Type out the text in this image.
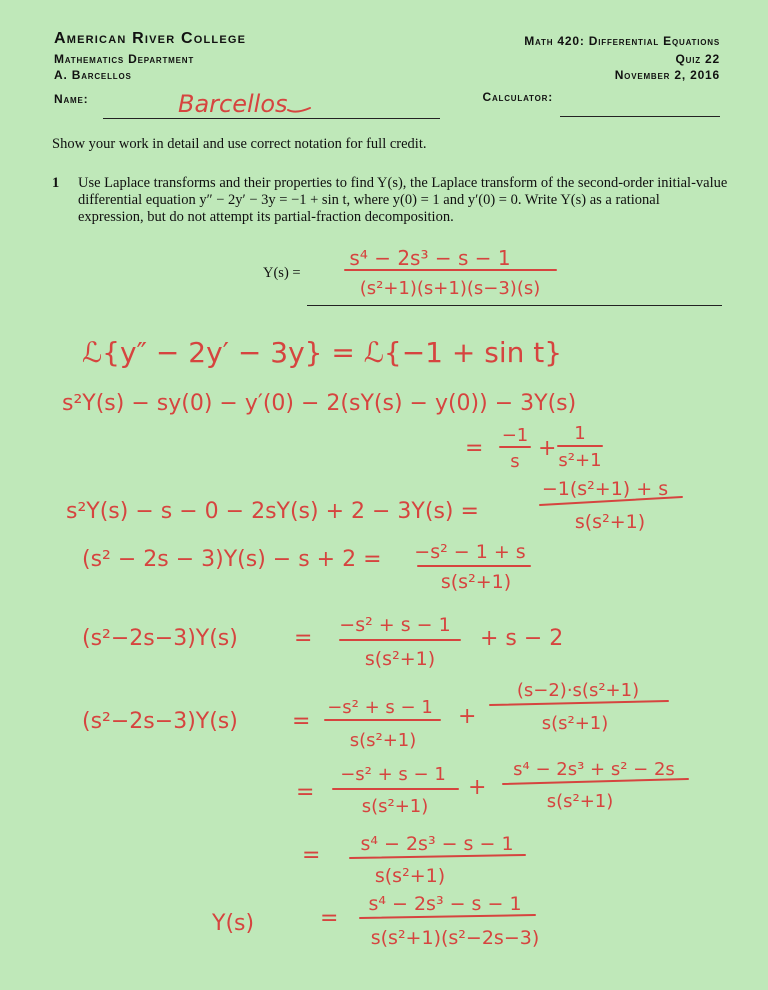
American River College
Mathematics Department
A. Barcellos
Math 420: Differential Equations
Quiz 22
November 2, 2016
Name:	Calculator:
Show your work in detail and use correct notation for full credit.
1 Use Laplace transforms and their properties to find Y(s), the Laplace transform of the second-order initial-value differential equation y″ − 2y′ − 3y = −1 + sin t, where y(0) = 1 and y′(0) = 0. Write Y(s) as a rational expression, but do not attempt its partial-fraction decomposition.
Y(s) =
Barcellos
s⁴ − 2s³ − s − 1
(s²+1)(s+1)(s−3)(s)
ℒ{y″ − 2y′ − 3y} = ℒ{−1 + sin t}
s²Y(s) − sy(0) − y′(0) − 2(sY(s) − y(0)) − 3Y(s)
=
−1
s
+
1
s²+1
s²Y(s) − s − 0 − 2sY(s) + 2 − 3Y(s) =
−1(s²+1) + s
s(s²+1)
(s² − 2s − 3)Y(s) − s + 2 = −s² − 1 + s
s(s²+1)
(s²−2s−3)Y(s)	=
−s² + s − 1
s(s²+1)
+ s − 2
(s²−2s−3)Y(s) =
−s² + s − 1
s(s²+1)
+
(s−2)·s(s²+1)
s(s²+1)
=
−s² + s − 1
s(s²+1)
+
s⁴ − 2s³ + s² − 2s
s(s²+1)
= s⁴ − 2s³ − s − 1
s(s²+1)
Y(s)	=
s⁴ − 2s³ − s − 1
s(s²+1)(s²−2s−3)
